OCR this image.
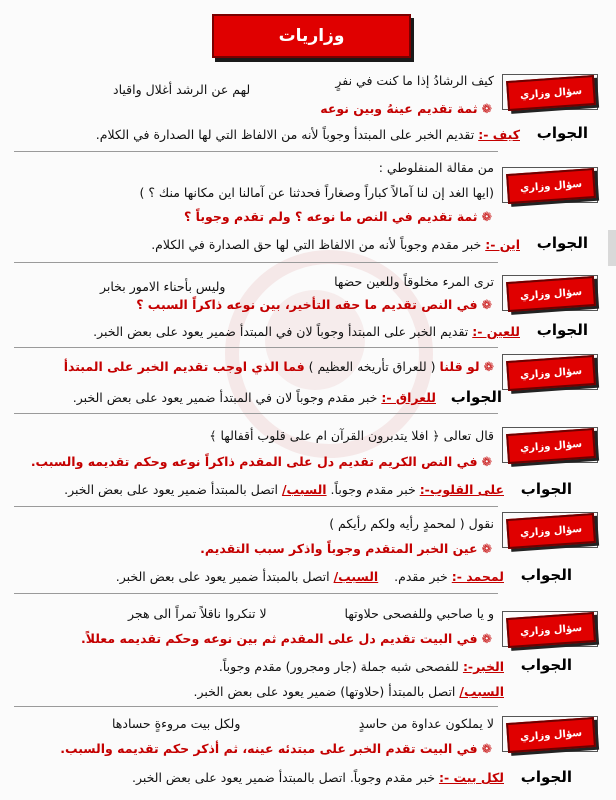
وزاريات
سؤال وزاري
كيف الرشادُ إذا ما كنت في نفرٍ
لهم عن الرشد أغلال واقياد
❁ثمة تقديم عينهُ وبين نوعه
الجواب
كيف -: تقديم الخبر على المبتدأ وجوباً لأنه من الالفاظ التي لها الصدارة في الكلام.
سؤال وزاري
من مقالة المنفلوطي :
(ايها الغد إن لنا آمالاً كباراً وصغاراً فحدثنا عن آمالنا اين مكانها منك ؟ )
❁ثمة تقديم في النص ما نوعه ؟ ولم تقدم وجوباً ؟
الجواب
اين -: خبر مقدم وجوباً لأنه من الالفاظ التي لها حق الصدارة في الكلام.
سؤال وزاري
ترى المرء مخلوقاً وللعين حضها
وليس بأحناء الامور بخابر
❁في النص تقديم ما حقه التأخير، بين نوعه ذاكراً السبب ؟
الجواب
للعين -: تقديم الخبر على المبتدأ وجوباً لان في المبتدأ ضمير يعود على بعض الخبر.
سؤال وزاري
❁لو قلنا ( للعراق تأريخه العظيم ) فما الذي اوجب تقديم الخبر على المبتدأ
الجواب
للعراق -: خبر مقدم وجوباً لان في المبتدأ ضمير يعود على بعض الخبر.
سؤال وزاري
قال تعالى ﴿ افلا يتدبرون القرآن ام على قلوب أقفالها ﴾
❁في النص الكريم تقديم دل على المقدم ذاكراً نوعه وحكم تقديمه والسبب.
الجواب
على القلوب-: خبر مقدم وجوباً. السبب/ اتصل بالمبتدأ ضمير يعود على بعض الخبر.
سؤال وزاري
نقول ( لمحمدٍ رأيه ولكم رأيكم )
❁عين الخبر المتقدم وجوباً واذكر سبب التقديم.
الجواب
لمحمد -: خبر مقدم.    السبب/ اتصل بالمبتدأ ضمير يعود على بعض الخبر.
سؤال وزاري
و يا صاحبي وللفصحى حلاوتها
لا تنكروا ناقلاً تمراً الى هجر
❁في البيت تقديم دل على المقدم ثم بين نوعه وحكم تقديمه معللاً.
الجواب
الخبر-: للفصحى شبه جملة (جار ومجرور) مقدم وجوباً.
السبب/ اتصل بالمبتدأ (حلاوتها) ضمير يعود على بعض الخبر.
سؤال وزاري
لا يملكون عداوة من حاسدٍ
ولكل بيت مروءةٍ حسادها
❁في البيت تقدم الخبر على مبتدئه عينه، ثم أذكر حكم تقديمه والسبب.
الجواب
لكل بيت -: خبر مقدم وجوباً. اتصل بالمبتدأ ضمير يعود على بعض الخبر.
